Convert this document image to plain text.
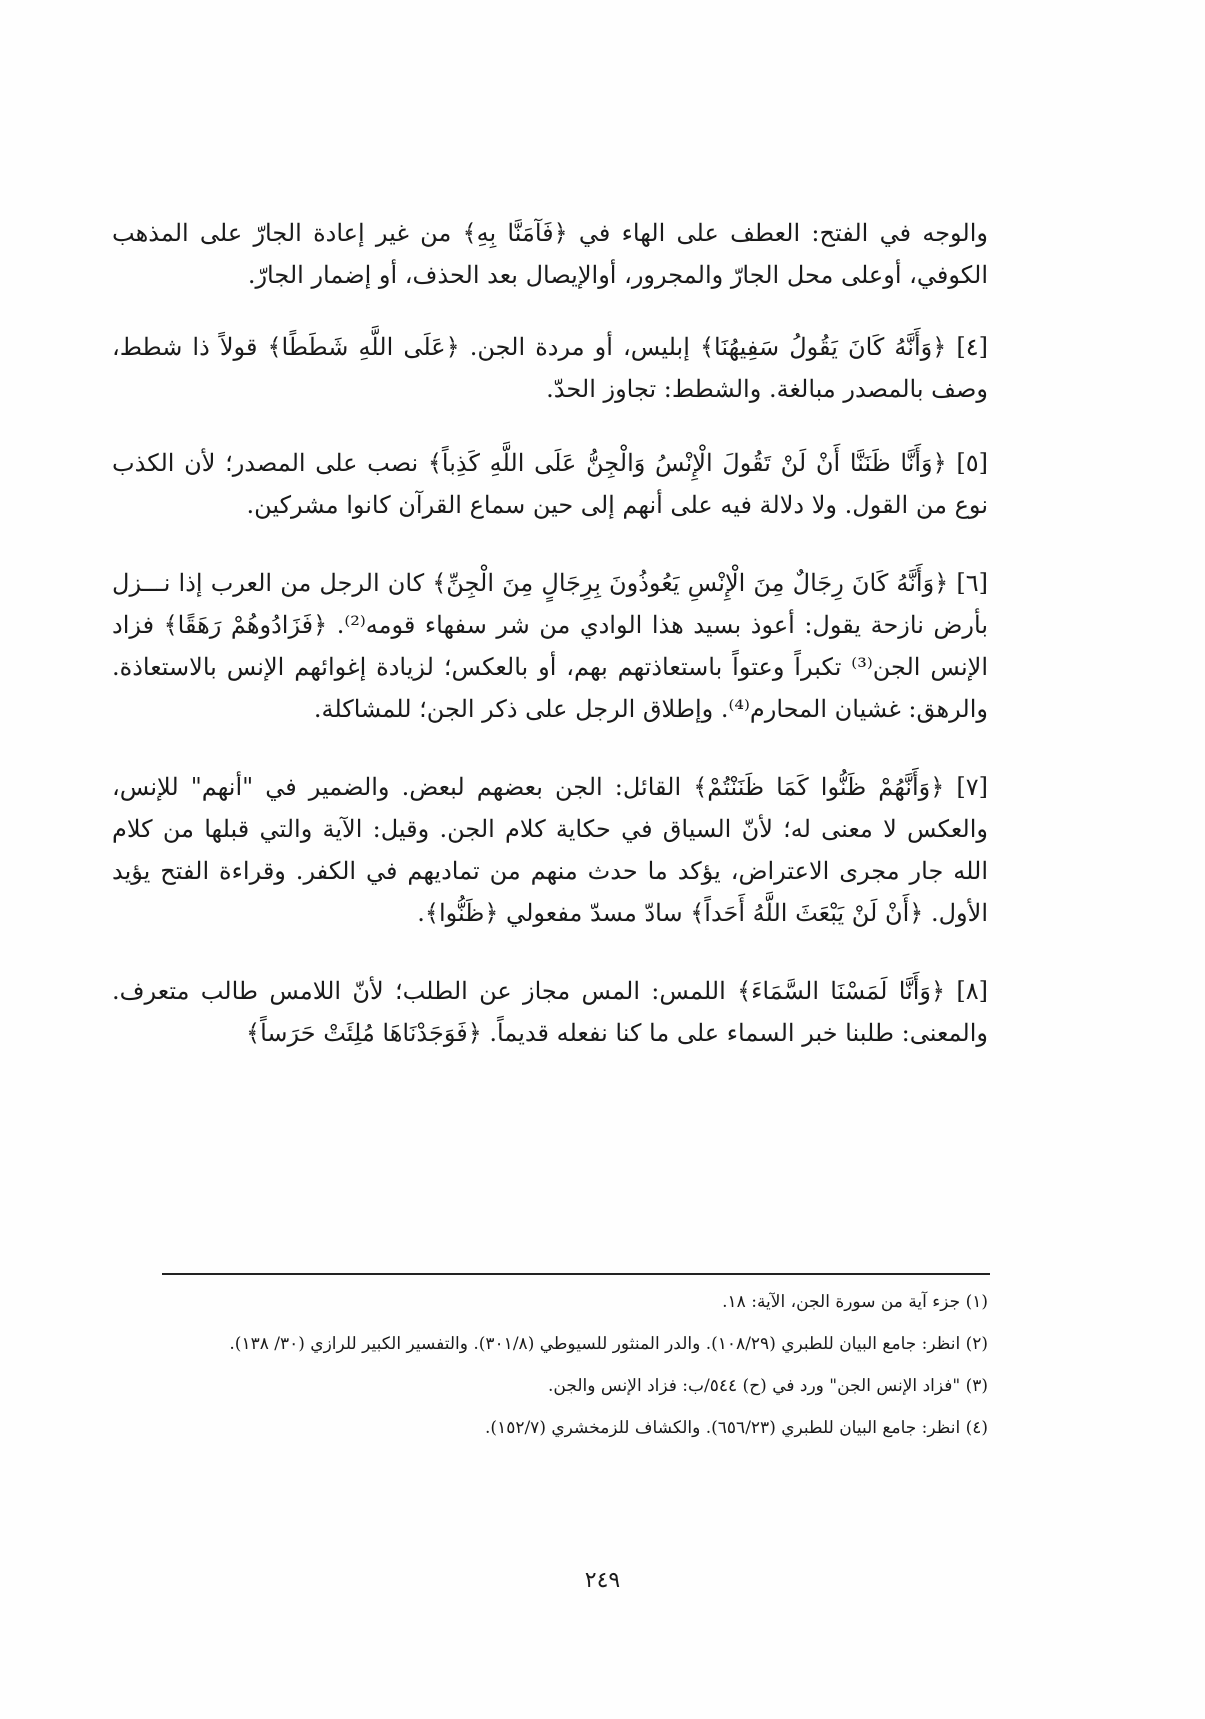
والوجه في الفتح: العطف على الهاء في ﴿فَآمَنَّا بِهِ﴾ من غير إعادة الجارّ على المذهب الكوفي، أوعلى محل الجارّ والمجرور، أوالإيصال بعد الحذف، أو إضمار الجارّ.

[٤] ﴿وَأَنَّهُ كَانَ يَقُولُ سَفِيهُنَا﴾ إبليس، أو مردة الجن. ﴿عَلَى اللَّهِ شَطَطًا﴾ قولاً ذا شطط، وصف بالمصدر مبالغة. والشطط: تجاوز الحدّ.

[٥] ﴿وَأَنَّا ظَنَنَّا أَنْ لَنْ تَقُولَ الْإِنْسُ وَالْجِنُّ عَلَى اللَّهِ كَذِباً﴾ نصب على المصدر؛ لأن الكذب نوع من القول. ولا دلالة فيه على أنهم إلى حين سماع القرآن كانوا مشركين.

[٦] ﴿وَأَنَّهُ كَانَ رِجَالٌ مِنَ الْإِنْسِ يَعُوذُونَ بِرِجَالٍ مِنَ الْجِنِّ﴾ كان الرجل من العرب إذا نـــزل بأرض نازحة يقول: أعوذ بسيد هذا الوادي من شر سفهاء قومه⁽²⁾. ﴿فَزَادُوهُمْ رَهَقًا﴾ فزاد الإنس الجن⁽³⁾ تكبراً وعتواً باستعاذتهم بهم، أو بالعكس؛ لزيادة إغوائهم الإنس بالاستعاذة. والرهق: غشيان المحارم⁽⁴⁾. وإطلاق الرجل على ذكر الجن؛ للمشاكلة.

[٧] ﴿وَأَنَّهُمْ ظَنُّوا كَمَا ظَنَنْتُمْ﴾ القائل: الجن بعضهم لبعض. والضمير في "أنهم" للإنس، والعكس لا معنى له؛ لأنّ السياق في حكاية كلام الجن. وقيل: الآية والتي قبلها من كلام الله جار مجرى الاعتراض، يؤكد ما حدث منهم من تماديهم في الكفر. وقراءة الفتح يؤيد الأول. ﴿أَنْ لَنْ يَبْعَثَ اللَّهُ أَحَداً﴾ سادّ مسدّ مفعولي ﴿ظَنُّوا﴾.

[٨] ﴿وَأَنَّا لَمَسْنَا السَّمَاءَ﴾ اللمس: المس مجاز عن الطلب؛ لأنّ اللامس طالب متعرف. والمعنى: طلبنا خبر السماء على ما كنا نفعله قديماً. ﴿فَوَجَدْنَاهَا مُلِئَتْ حَرَساً﴾

(١) جزء آية من سورة الجن، الآية: ١٨.

(٢) انظر: جامع البيان للطبري (١٠٨/٢٩). والدر المنثور للسيوطي (٣٠١/٨). والتفسير الكبير للرازي (٣٠/ ١٣٨).

(٣) "فزاد الإنس الجن" ورد في (ح) ٥٤٤/ب: فزاد الإنس والجن.

(٤) انظر: جامع البيان للطبري (٦٥٦/٢٣). والكشاف للزمخشري (١٥٢/٧).

٢٤٩
